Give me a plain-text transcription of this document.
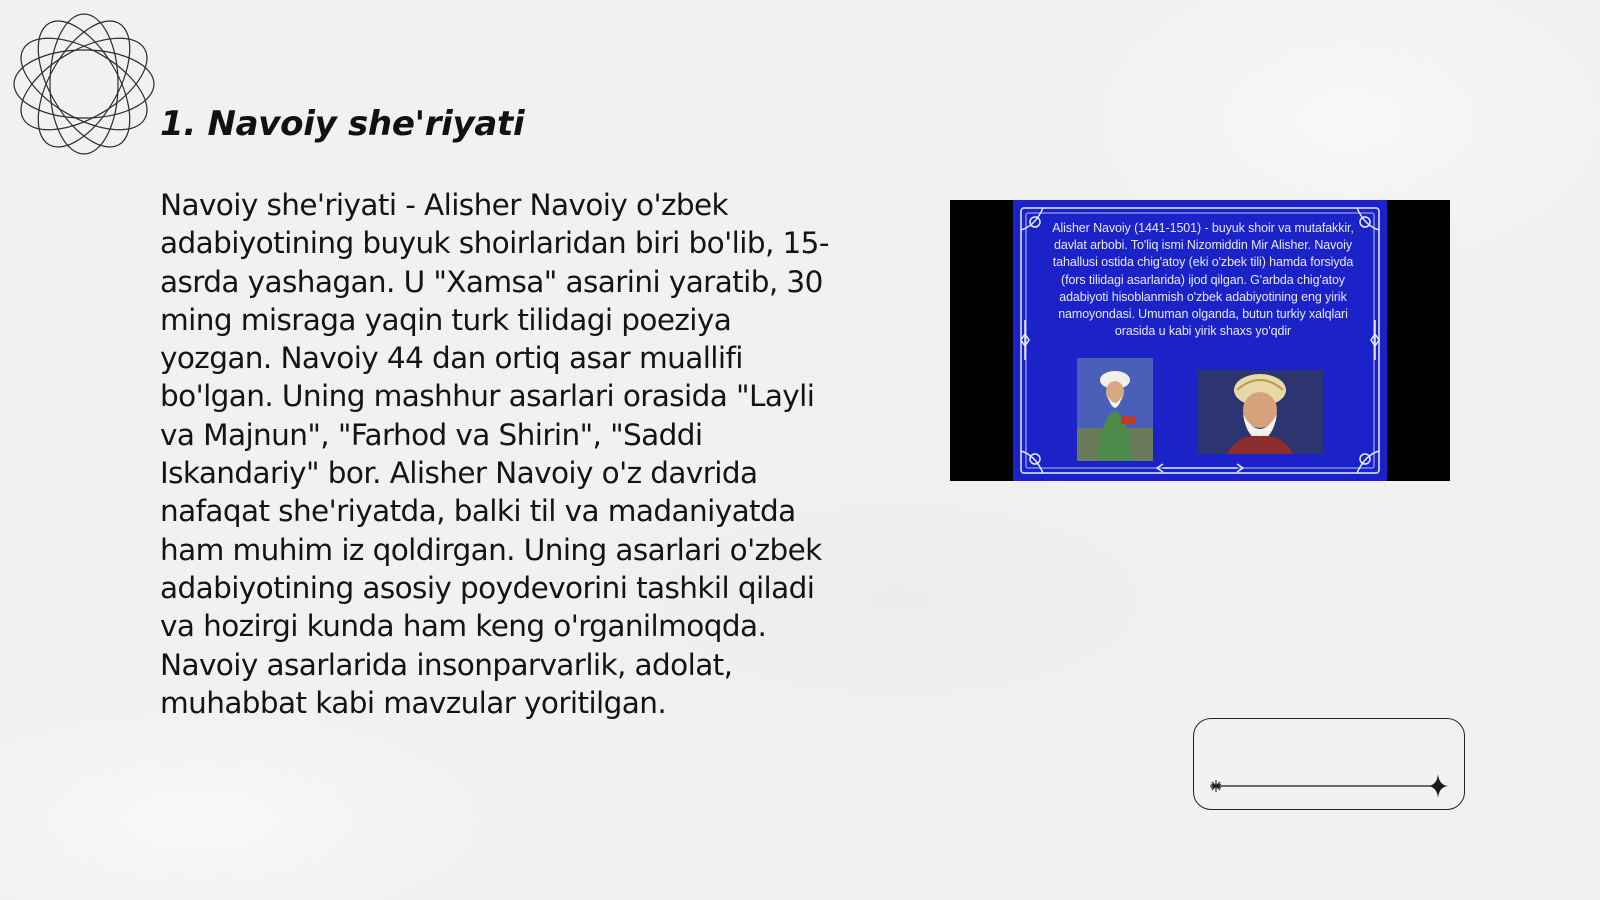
1. Navoiy she'riyati

Navoiy she'riyati - Alisher Navoiy o'zbek adabiyotining buyuk shoirlaridan biri bo'lib, 15-asrda yashagan. U "Xamsa" asarini yaratib, 30 ming misraga yaqin turk tilidagi poeziya yozgan. Navoiy 44 dan ortiq asar muallifi bo'lgan. Uning mashhur asarlari orasida "Layli va Majnun", "Farhod va Shirin", "Saddi Iskandariy" bor. Alisher Navoiy o'z davrida nafaqat she'riyatda, balki til va madaniyatda ham muhim iz qoldirgan. Uning asarlari o'zbek adabiyotining asosiy poydevorini tashkil qiladi va hozirgi kunda ham keng o'rganilmoqda. Navoiy asarlarida insonparvarlik, adolat, muhabbat kabi mavzular yoritilgan.

Alisher Navoiy (1441-1501) - buyuk shoir va mutafakkir, davlat arbobi. To'liq ismi Nizomiddin Mir Alisher. Navoiy tahallusi ostida chig'atoy (eki o'zbek tili) hamda forsiyda (fors tilidagi asarlarida) ijod qilgan. G'arbda chig'atoy adabiyoti hisoblanmish o'zbek adabiyotining eng yirik namoyondasi. Umuman olganda, butun turkiy xalqlari orasida u kabi yirik shaxs yo'qdir
